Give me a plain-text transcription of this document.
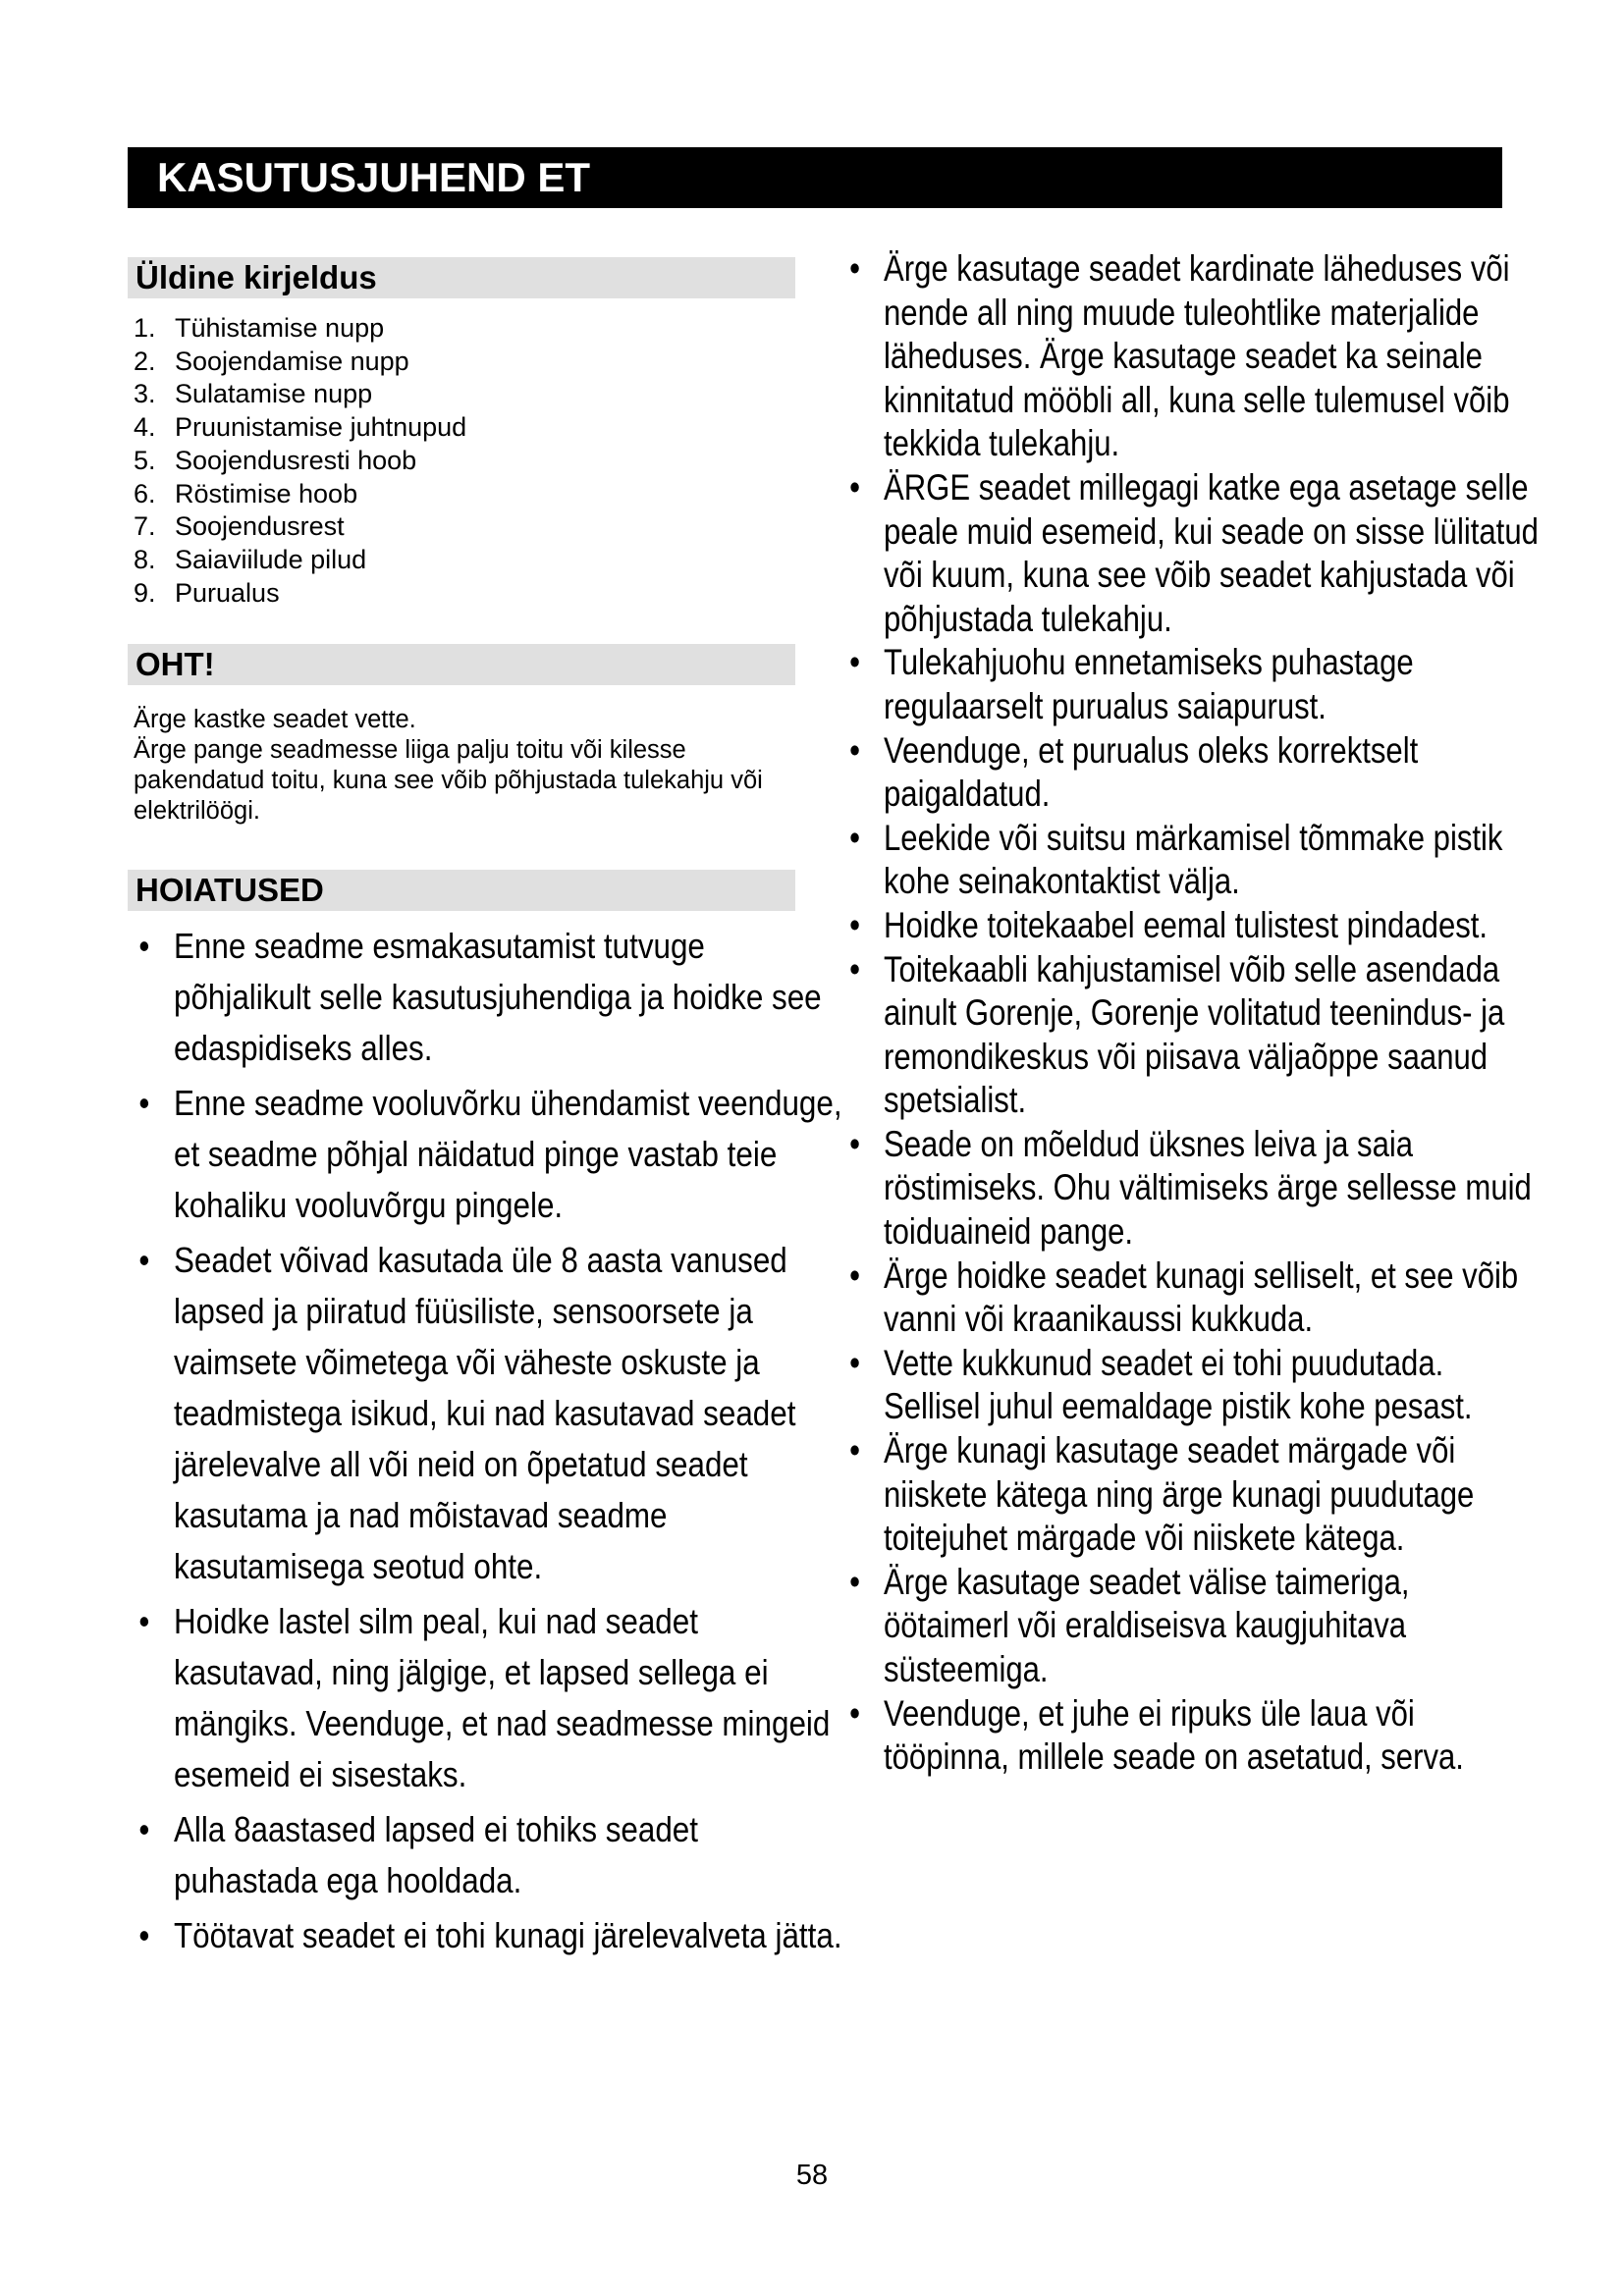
KASUTUSJUHEND ET
Üldine kirjeldus
1. Tühistamise nupp
2. Soojendamise nupp
3. Sulatamise nupp
4. Pruunistamise juhtnupud
5. Soojendusresti hoob
6. Röstimise hoob
7. Soojendusrest
8. Saiaviilude pilud
9. Purualus
OHT!

Ärge kastke seadet vette.

Ärge pange seadmesse liiga palju toitu või kilesse pakendatud toitu, kuna see võib põhjustada tulekahju või elektrilöögi.

HOIATUSED
• Enne seadme esmakasutamist tutvuge põhjalikult selle kasutusjuhendiga ja hoidke see edaspidiseks alles.
• Enne seadme vooluvõrku ühendamist veenduge, et seadme põhjal näidatud pinge vastab teie kohaliku vooluvõrgu pingele.
• Seadet võivad kasutada üle 8 aasta vanused lapsed ja piiratud füüsiliste, sensoorsete ja vaimsete võimetega või väheste oskuste ja teadmistega isikud, kui nad kasutavad seadet järelevalve all või neid on õpetatud seadet kasutama ja nad mõistavad seadme kasutamisega seotud ohte.
• Hoidke lastel silm peal, kui nad seadet kasutavad, ning jälgige, et lapsed sellega ei mängiks. Veenduge, et nad seadmesse mingeid esemeid ei sisestaks.
• Alla 8aastased lapsed ei tohiks seadet puhastada ega hooldada.
• Töötavat seadet ei tohi kunagi järelevalveta jätta.
• Ärge kasutage seadet kardinate läheduses või nende all ning muude tuleohtlike materjalide läheduses. Ärge kasutage seadet ka seinale kinnitatud mööbli all, kuna selle tulemusel võib tekkida tulekahju.
• ÄRGE seadet millegagi katke ega asetage selle peale muid esemeid, kui seade on sisse lülitatud või kuum, kuna see võib seadet kahjustada või põhjustada tulekahju.
• Tulekahjuohu ennetamiseks puhastage regulaarselt purualus saiapurust.
• Veenduge, et purualus oleks korrektselt paigaldatud.
• Leekide või suitsu märkamisel tõmmake pistik kohe seinakontaktist välja.
• Hoidke toitekaabel eemal tulistest pindadest.
• Toitekaabli kahjustamisel võib selle asendada ainult Gorenje, Gorenje volitatud teenindus- ja remondikeskus või piisava väljaõppe saanud spetsialist.
• Seade on mõeldud üksnes leiva ja saia röstimiseks. Ohu vältimiseks ärge sellesse muid toiduaineid pange.
• Ärge hoidke seadet kunagi selliselt, et see võib vanni või kraanikaussi kukkuda.
• Vette kukkunud seadet ei tohi puudutada. Sellisel juhul eemaldage pistik kohe pesast.
• Ärge kunagi kasutage seadet märgade või niiskete kätega ning ärge kunagi puudutage toitejuhet märgade või niiskete kätega.
• Ärge kasutage seadet välise taimeriga, öötaimerl või eraldiseisva kaugjuhitava süsteemiga.
• Veenduge, et juhe ei ripuks üle laua või tööpinna, millele seade on asetatud, serva.
58
